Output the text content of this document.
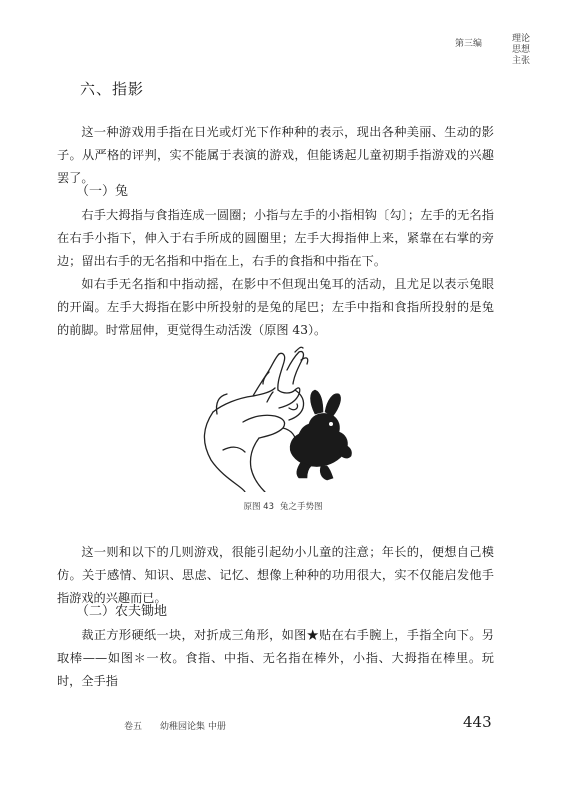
第三编	理论
思想
主张
六、指影

这一种游戏用手指在日光或灯光下作种种的表示，现出各种美丽、生动的影子。从严格的评判，实不能属于表演的游戏，但能诱起儿童初期手指游戏的兴趣罢了。

（一）兔

右手大拇指与食指连成一圆圈；小指与左手的小指相钩〔勾〕；左手的无名指在右手小指下，伸入于右手所成的圆圈里；左手大拇指伸上来，紧靠在右掌的旁边；留出右手的无名指和中指在上，右手的食指和中指在下。

如右手无名指和中指动摇，在影中不但现出兔耳的活动，且尤足以表示兔眼的开阖。左手大拇指在影中所投射的是兔的尾巴；左手中指和食指所投射的是兔的前脚。时常屈伸，更觉得生动活泼（原图 43）。

原图 43 兔之手势图

这一则和以下的几则游戏，很能引起幼小儿童的注意；年长的，便想自己模仿。关于感情、知识、思虑、记忆、想像上种种的功用很大，实不仅能启发他手指游戏的兴趣而已。

（二）农夫锄地

裁正方形硬纸一块，对折成三角形，如图★贴在右手腕上，手指全向下。另取棒——如图＊一枚。食指、中指、无名指在棒外，小指、大拇指在棒里。玩时，全手指

卷五 幼稚园论集 中册	443
